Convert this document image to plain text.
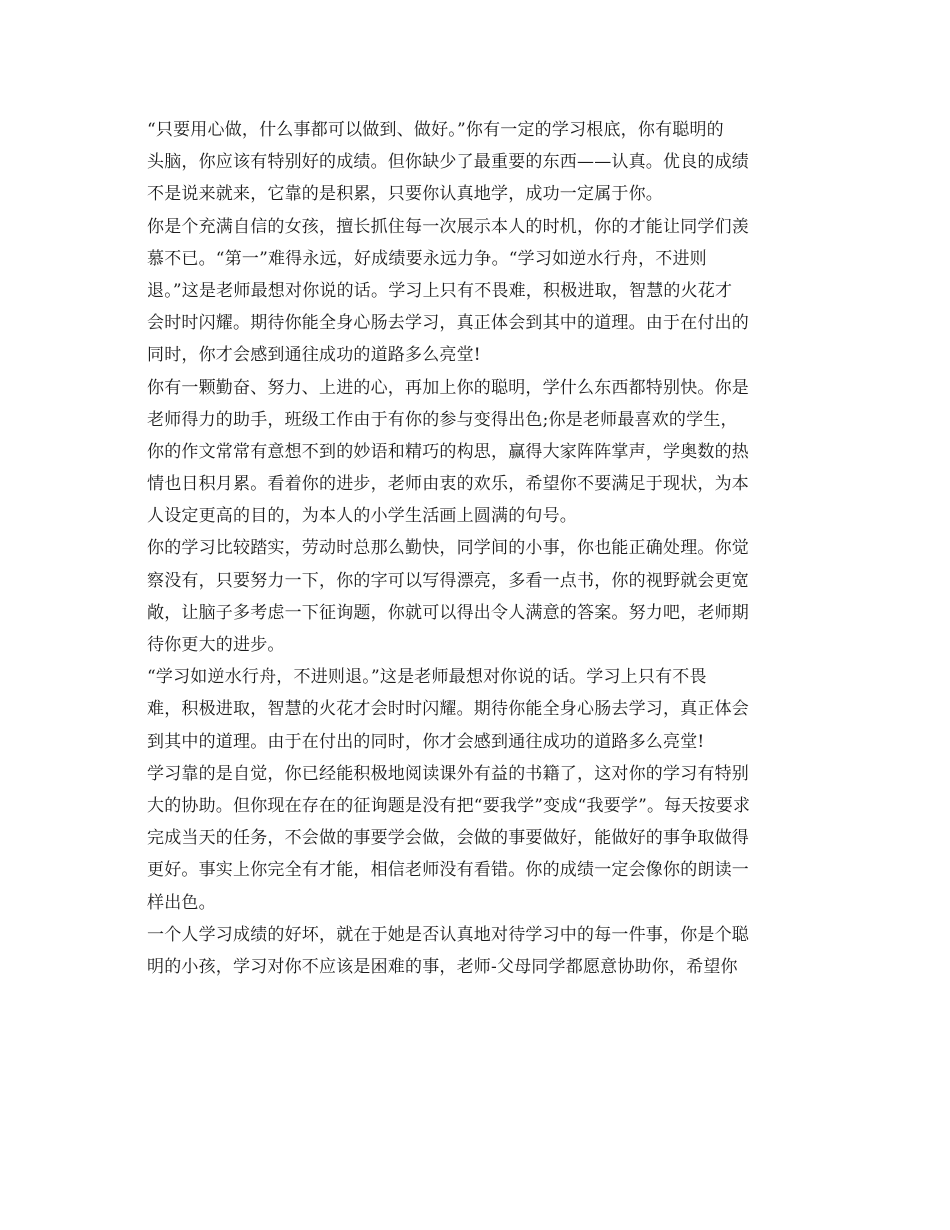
“只要用心做，什么事都可以做到、做好。”你有一定的学习根底，你有聪明的
头脑，你应该有特别好的成绩。但你缺少了最重要的东西——认真。优良的成绩
不是说来就来，它靠的是积累，只要你认真地学，成功一定属于你。
你是个充满自信的女孩，擅长抓住每一次展示本人的时机，你的才能让同学们羡
慕不已。“第一”难得永远，好成绩要永远力争。“学习如逆水行舟，不进则
退。”这是老师最想对你说的话。学习上只有不畏难，积极进取，智慧的火花才
会时时闪耀。期待你能全身心肠去学习，真正体会到其中的道理。由于在付出的
同时，你才会感到通往成功的道路多么亮堂!
你有一颗勤奋、努力、上进的心，再加上你的聪明，学什么东西都特别快。你是
老师得力的助手，班级工作由于有你的参与变得出色;你是老师最喜欢的学生，
你的作文常常有意想不到的妙语和精巧的构思，赢得大家阵阵掌声，学奥数的热
情也日积月累。看着你的进步，老师由衷的欢乐，希望你不要满足于现状，为本
人设定更高的目的，为本人的小学生活画上圆满的句号。
你的学习比较踏实，劳动时总那么勤快，同学间的小事，你也能正确处理。你觉
察没有，只要努力一下，你的字可以写得漂亮，多看一点书，你的视野就会更宽
敞，让脑子多考虑一下征询题，你就可以得出令人满意的答案。努力吧，老师期
待你更大的进步。
“学习如逆水行舟，不进则退。”这是老师最想对你说的话。学习上只有不畏
难，积极进取，智慧的火花才会时时闪耀。期待你能全身心肠去学习，真正体会
到其中的道理。由于在付出的同时，你才会感到通往成功的道路多么亮堂!
学习靠的是自觉，你已经能积极地阅读课外有益的书籍了，这对你的学习有特别
大的协助。但你现在存在的征询题是没有把“要我学”变成“我要学”。每天按要求
完成当天的任务，不会做的事要学会做，会做的事要做好，能做好的事争取做得
更好。事实上你完全有才能，相信老师没有看错。你的成绩一定会像你的朗读一
样出色。
一个人学习成绩的好坏，就在于她是否认真地对待学习中的每一件事，你是个聪
明的小孩，学习对你不应该是困难的事，老师-父母同学都愿意协助你，希望你
